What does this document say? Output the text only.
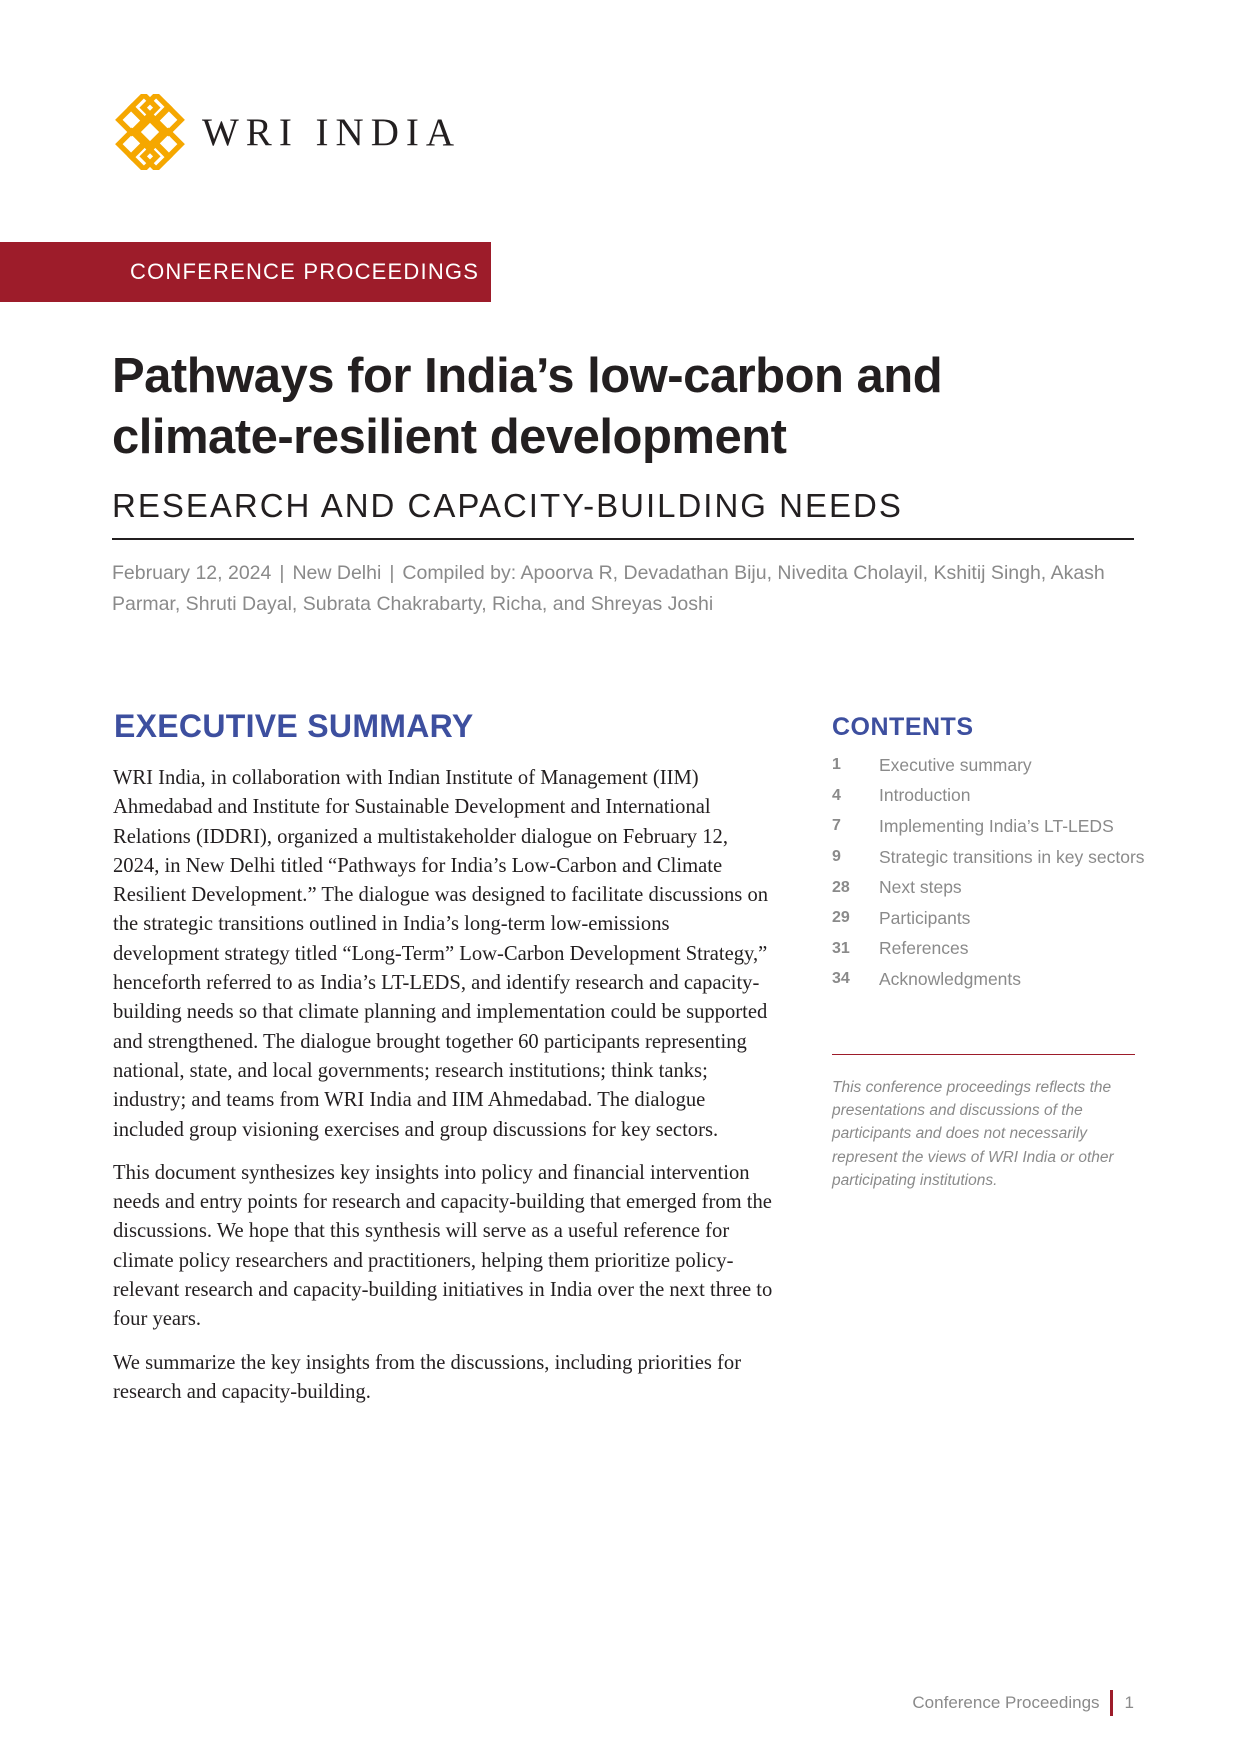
WRI INDIA
CONFERENCE PROCEEDINGS
Pathways for India’s low-carbon and climate-resilient development
RESEARCH AND CAPACITY-BUILDING NEEDS
February 12, 2024 | New Delhi | Compiled by: Apoorva R, Devadathan Biju, Nivedita Cholayil, Kshitij Singh, Akash Parmar, Shruti Dayal, Subrata Chakrabarty, Richa, and Shreyas Joshi
EXECUTIVE SUMMARY

WRI India, in collaboration with Indian Institute of Management (IIM) Ahmedabad and Institute for Sustainable Development and International Relations (IDDRI), organized a multistakeholder dialogue on February 12, 2024, in New Delhi titled “Pathways for India’s Low-Carbon and Climate Resilient Development.” The dialogue was designed to facilitate discussions on the strategic transitions outlined in India’s long-term low-emissions development strategy titled “Long-Term” Low-Carbon Development Strategy,” henceforth referred to as India’s LT-LEDS, and identify research and capacity-building needs so that climate planning and implementation could be supported and strengthened. The dialogue brought together 60 participants representing national, state, and local governments; research institutions; think tanks; industry; and teams from WRI India and IIM Ahmedabad. The dialogue included group visioning exercises and group discussions for key sectors.

This document synthesizes key insights into policy and financial intervention needs and entry points for research and capacity-building that emerged from the discussions. We hope that this synthesis will serve as a useful reference for climate policy researchers and practitioners, helping them prioritize policy-relevant research and capacity-building initiatives in India over the next three to four years.

We summarize the key insights from the discussions, including priorities for research and capacity-building.

CONTENTS
1	Executive summary
4	Introduction
7	Implementing India’s LT-LEDS
9	Strategic transitions in key sectors
28	Next steps
29	Participants
31	References
34	Acknowledgments
This conference proceedings reflects the presentations and discussions of the participants and does not necessarily represent the views of WRI India or other participating institutions.
Conference Proceedings 1
